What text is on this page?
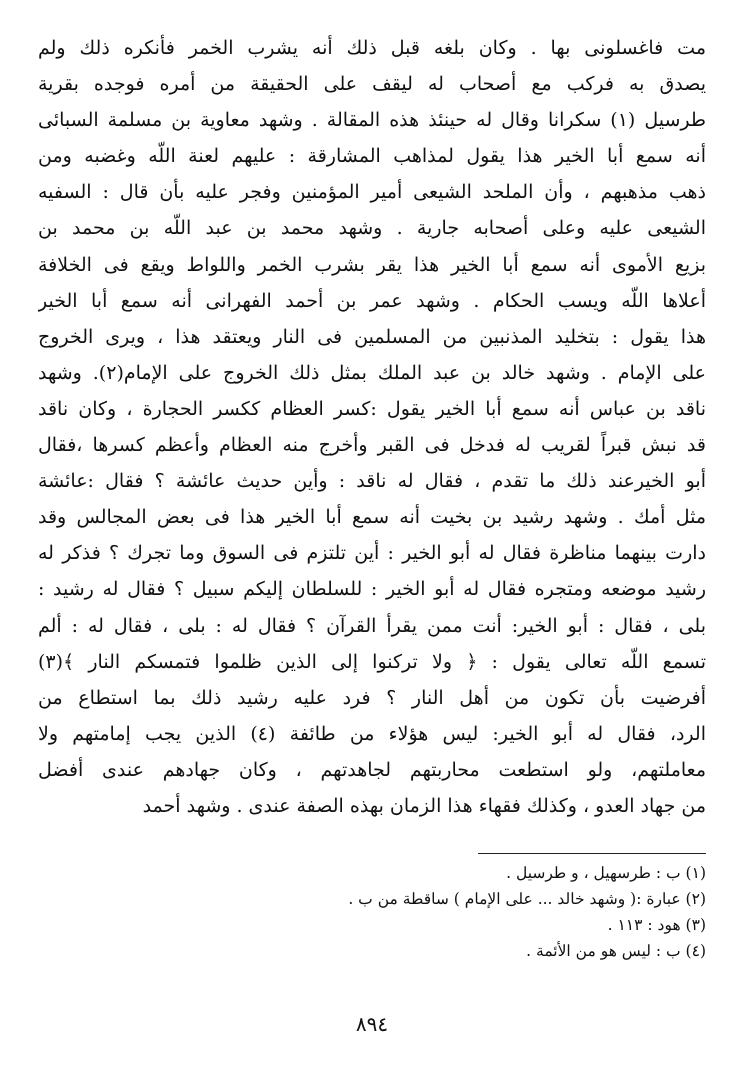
مت فاغسلونى بها . وكان بلغه قبل ذلك أنه يشرب الخمر فأنكره ذلك ولم
يصدق به فركب مع أصحاب له ليقف على الحقيقة من أمره فوجده بقرية
طرسيل (١) سكرانا وقال له حينئذ هذه المقالة . وشهد معاوية بن مسلمة السبائى
أنه سمع أبا الخير هذا يقول لمذاهب المشارقة : عليهم لعنة اللّه وغضبه ومن
ذهب مذهبهم ، وأن الملحد الشيعى أمير المؤمنين وفجر عليه بأن قال : السفيه
الشيعى عليه وعلى أصحابه جارية . وشهد محمد بن عبد اللّه بن محمد بن
بزيع الأموى أنه سمع أبا الخير هذا يقر بشرب الخمر واللواط ويقع فى الخلافة
أعلاها اللّه ويسب الحكام . وشهد عمر بن أحمد الفهرانى أنه سمع أبا الخير
هذا يقول : بتخليد المذنبين من المسلمين فى النار ويعتقد هذا ، ويرى الخروج
على الإمام . وشهد خالد بن عبد الملك بمثل ذلك الخروج على الإمام(٢). وشهد
ناقد بن عباس أنه سمع أبا الخير يقول :كسر العظام ككسر الحجارة ، وكان ناقد
قد نبش قبراً لقريب له فدخل فى القبر وأخرج منه العظام وأعظم كسرها ،فقال
أبو الخيرعند ذلك ما تقدم ، فقال له ناقد : وأين حديث عائشة ؟ فقال :عائشة
مثل أمك . وشهد رشيد بن بخيت أنه سمع أبا الخير هذا فى بعض المجالس وقد
دارت بينهما مناظرة فقال له أبو الخير : أين تلتزم فى السوق وما تجرك ؟ فذكر له
رشيد موضعه ومتجره فقال له أبو الخير : للسلطان إليكم سبيل ؟ فقال له رشيد :
بلى ، فقال : أبو الخير: أنت ممن يقرأ القرآن ؟ فقال له : بلى ، فقال له : ألم
تسمع اللّه تعالى يقول : ﴿ ولا تركنوا إلى الذين ظلموا فتمسكم النار ﴾(٣)
أفرضيت بأن تكون من أهل النار ؟ فرد عليه رشيد ذلك بما استطاع من
الرد، فقال له أبو الخير: ليس هؤلاء من طائفة (٤) الذين يجب إمامتهم ولا
معاملتهم، ولو استطعت محاربتهم لجاهدتهم ، وكان جهادهم عندى أفضل
من جهاد العدو ، وكذلك فقهاء هذا الزمان بهذه الصفة عندى . وشهد أحمد
(١) ب : طرسهيل ، و طرسيل .
(٢) عبارة :( وشهد خالد ... على الإمام ) ساقطة من ب .
(٣) هود : ١١٣ .
(٤) ب : ليس هو من الأئمة .
٨٩٤
